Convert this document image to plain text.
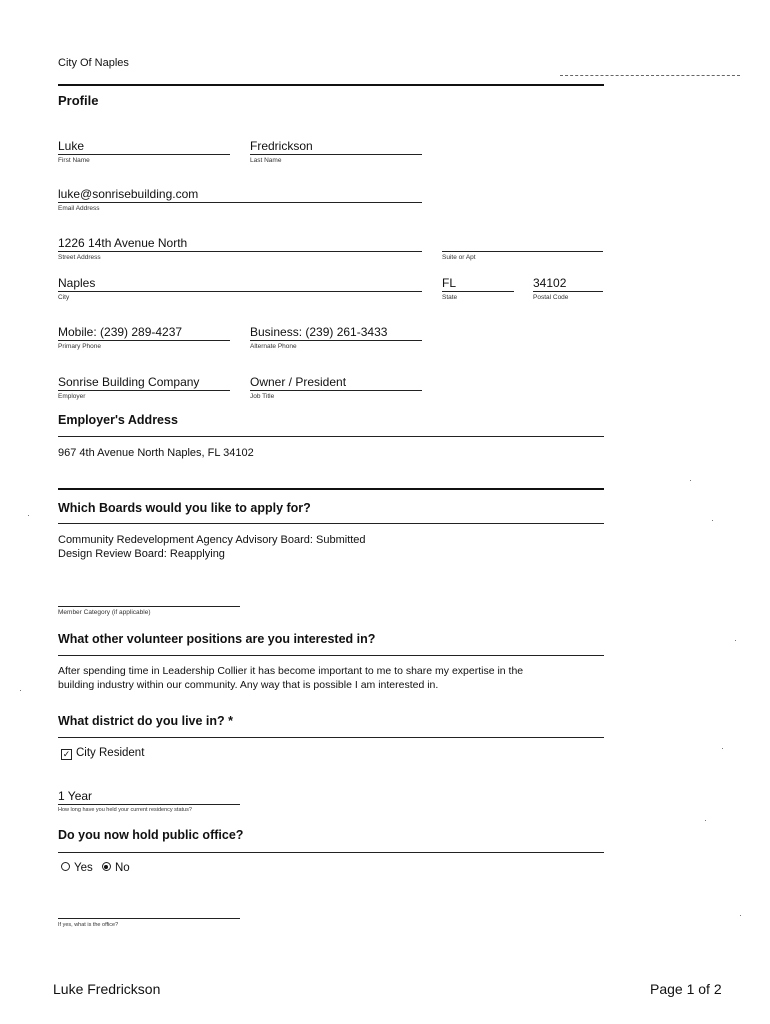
City Of Naples
Profile
Luke
First Name
Fredrickson
Last Name
luke@sonrisebuilding.com
Email Address
1226 14th Avenue North
Street Address	Suite or Apt
Naples
City
FL
State
34102
Postal Code
Mobile: (239) 289-4237
Primary Phone
Business: (239) 261-3433
Alternate Phone
Sonrise Building Company
Employer
Owner / President
Job Title
Employer's Address
967 4th Avenue North Naples, FL 34102
Which Boards would you like to apply for?
Community Redevelopment Agency Advisory Board: Submitted
Design Review Board: Reapplying
Member Category (if applicable)
What other volunteer positions are you interested in?
After spending time in Leadership Collier it has become important to me to share my expertise in the
building industry within our community. Any way that is possible I am interested in.
What district do you live in? *
✓ City Resident
1 Year
How long have you held your current residency status?
Do you now hold public office?
Yes No
If yes, what is the office?
Luke Fredrickson	Page 1 of 2
